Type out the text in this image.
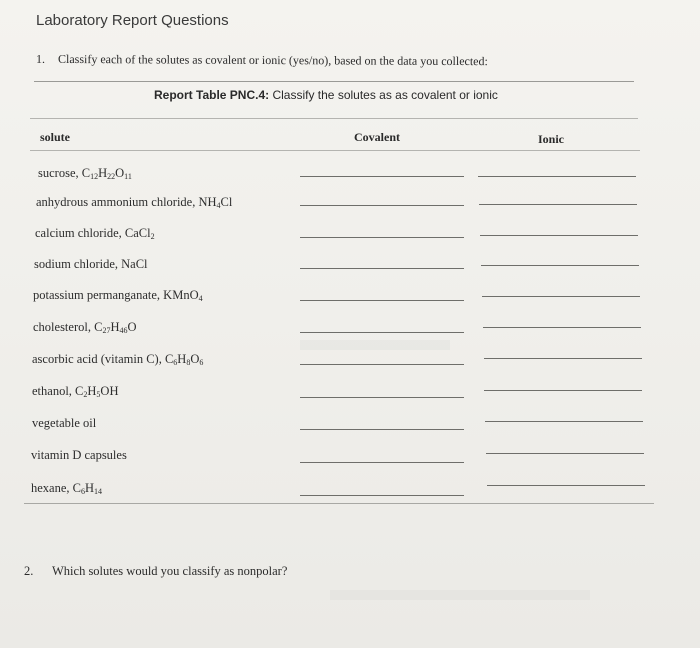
Laboratory Report Questions
1. Classify each of the solutes as covalent or ionic (yes/no), based on the data you collected:
Report Table PNC.4: Classify the solutes as as covalent or ionic
solute	Covalent	Ionic
sucrose, $C_{12}H_{22}O_{11}$
anhydrous ammonium chloride, $NH_4Cl$
calcium chloride, CaCl$_2$
sodium chloride, NaCl
potassium permanganate, KMnO$_4$
cholesterol, $C_{27}H_{46}O$
ascorbic acid (vitamin C), $C_6H_8O_6$
ethanol, $C_2H_5OH$
vegetable oil
vitamin D capsules
hexane, $C_6H_{14}$
2. Which solutes would you classify as nonpolar?
